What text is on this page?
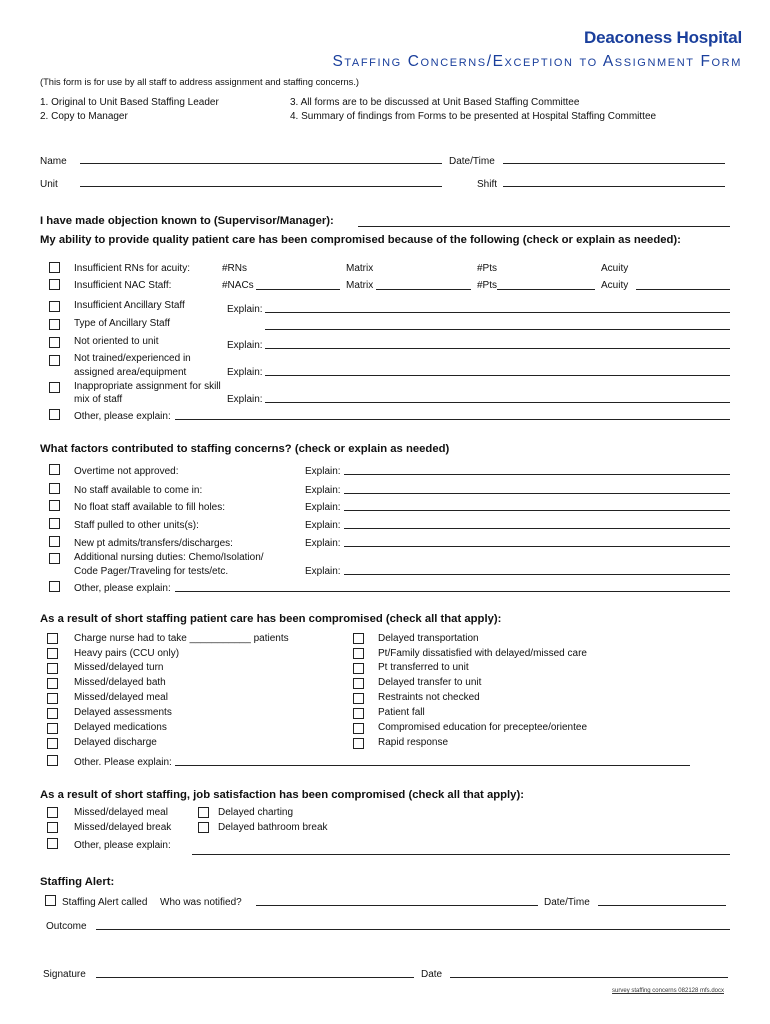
Deaconess Hospital
Staffing Concerns/Exception to Assignment Form
(This form is for use by all staff to address assignment and staffing concerns.)
1. Original to Unit Based Staffing Leader
2. Copy to Manager
3. All forms are to be discussed at Unit Based Staffing Committee
4. Summary of findings from Forms to be presented at Hospital Staffing Committee
Name	Date/Time
Unit	Shift
I have made objection known to (Supervisor/Manager):
My ability to provide quality patient care has been compromised because of the following (check or explain as needed):
Insufficient RNs for acuity:	#RNs	Matrix	#Pts	Acuity
Insufficient NAC Staff:	#NACs	Matrix	#Pts	Acuity
Insufficient Ancillary Staff	Explain:
Type of Ancillary Staff
Not oriented to unit	Explain:
Not trained/experienced in
assigned area/equipment	Explain:
Inappropriate assignment for skill
mix of staff	Explain:
Other, please explain:
What factors contributed to staffing concerns? (check or explain as needed)
Overtime not approved:	Explain:
No staff available to come in:	Explain:
No float staff available to fill holes:	Explain:
Staff pulled to other units(s):	Explain:
New pt admits/transfers/discharges:	Explain:
Additional nursing duties: Chemo/Isolation/
Code Pager/Traveling for tests/etc.	Explain:
Other, please explain:
As a result of short staffing patient care has been compromised (check all that apply):
Charge nurse had to take ___________ patients
Heavy pairs (CCU only)
Missed/delayed turn
Missed/delayed bath
Missed/delayed meal
Delayed assessments
Delayed medications
Delayed discharge
Delayed transportation
Pt/Family dissatisfied with delayed/missed care
Pt transferred to unit
Delayed transfer to unit
Restraints not checked
Patient fall
Compromised education for preceptee/orientee
Rapid response
Other. Please explain:
As a result of short staffing, job satisfaction has been compromised (check all that apply):
Missed/delayed meal
Missed/delayed break
Delayed charting
Delayed bathroom break
Other, please explain:
Staffing Alert:
Staffing Alert called Who was notified?	Date/Time
Outcome
Signature	Date
survey staffing concerns 082128 mfs.docx
